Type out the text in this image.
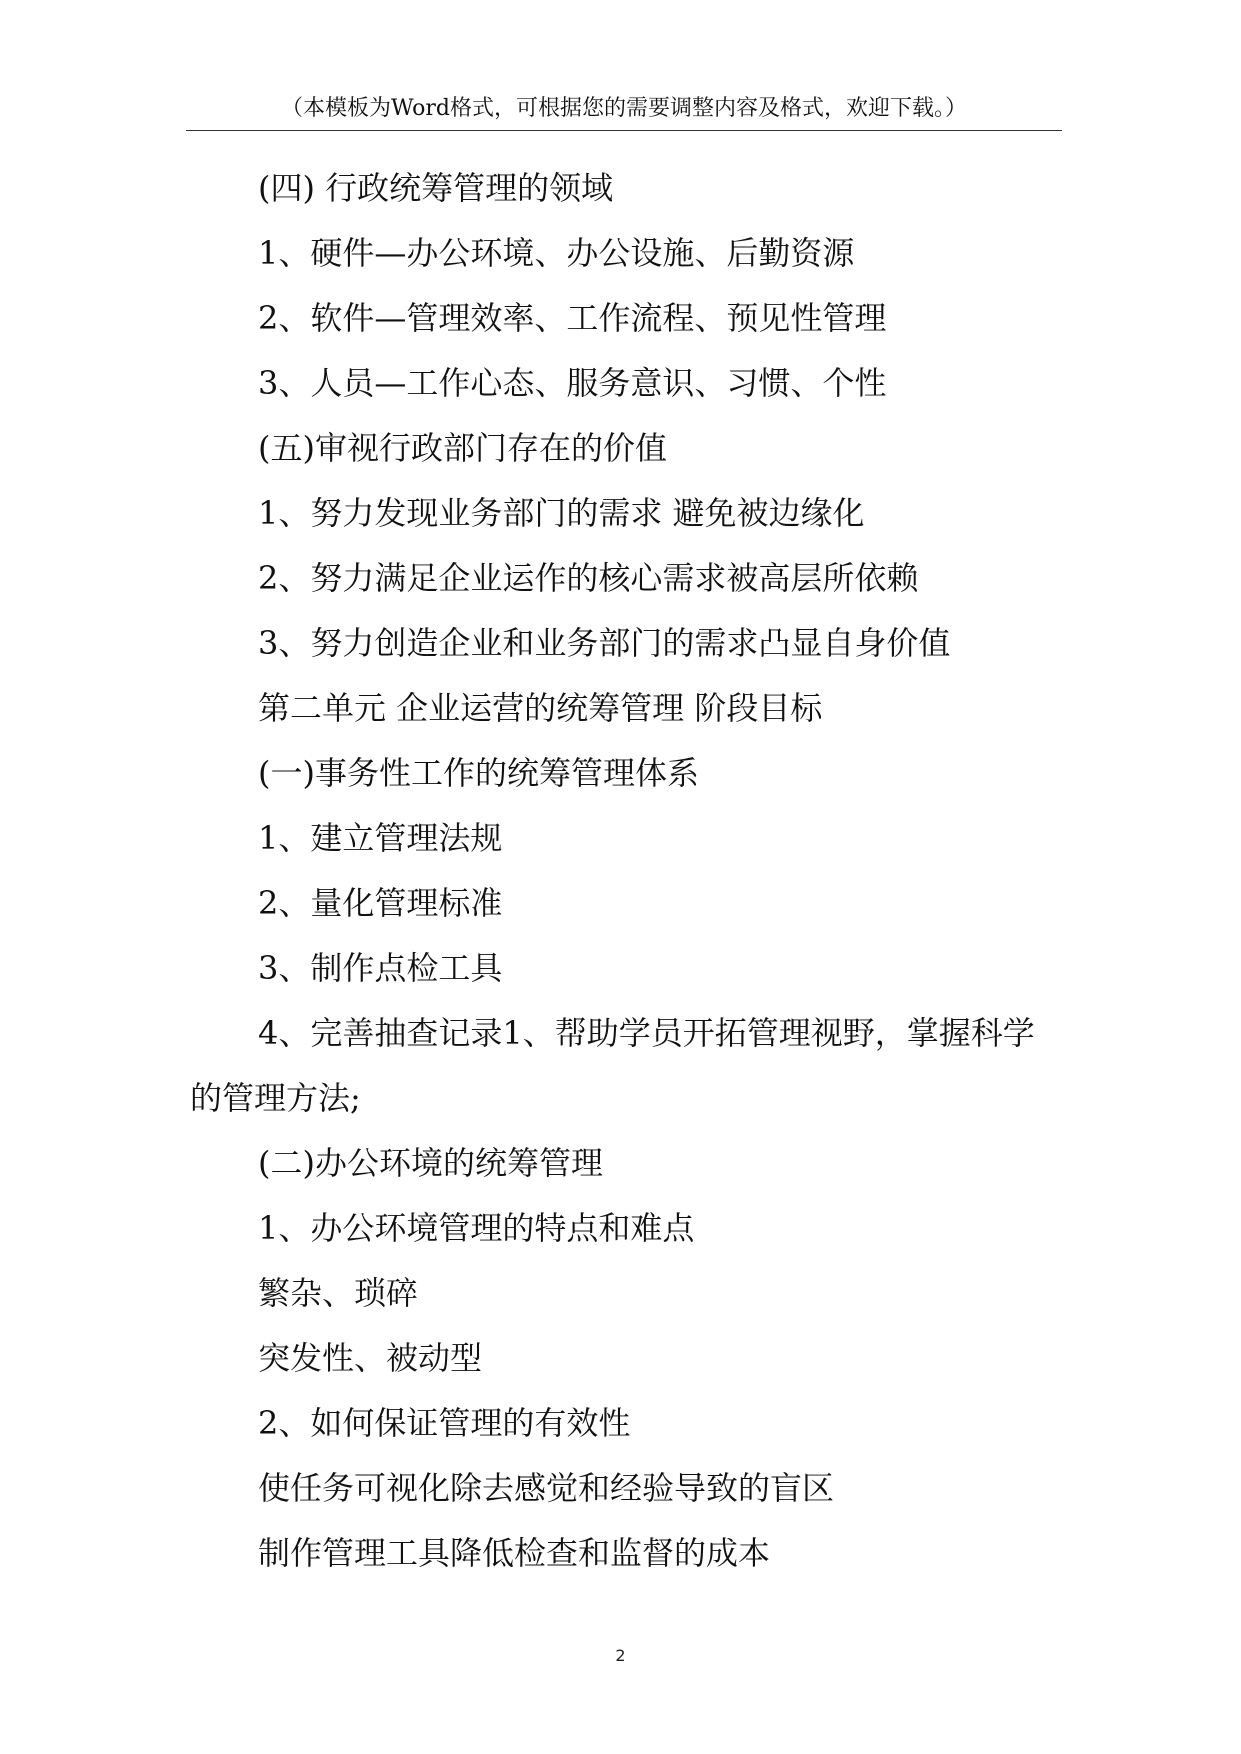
（本模板为Word格式，可根据您的需要调整内容及格式，欢迎下载。）

(四) 行政统筹管理的领域

1、硬件—办公环境、办公设施、后勤资源

2、软件—管理效率、工作流程、预见性管理

3、人员—工作心态、服务意识、习惯、个性

(五)审视行政部门存在的价值

1、努力发现业务部门的需求 避免被边缘化

2、努力满足企业运作的核心需求被高层所依赖

3、努力创造企业和业务部门的需求凸显自身价值

第二单元 企业运营的统筹管理 阶段目标

(一)事务性工作的统筹管理体系

1、建立管理法规

2、量化管理标准

3、制作点检工具

4、完善抽查记录1、帮助学员开拓管理视野，掌握科学的管理方法;

(二)办公环境的统筹管理

1、办公环境管理的特点和难点

繁杂、琐碎

突发性、被动型

2、如何保证管理的有效性

使任务可视化除去感觉和经验导致的盲区

制作管理工具降低检查和监督的成本

2
